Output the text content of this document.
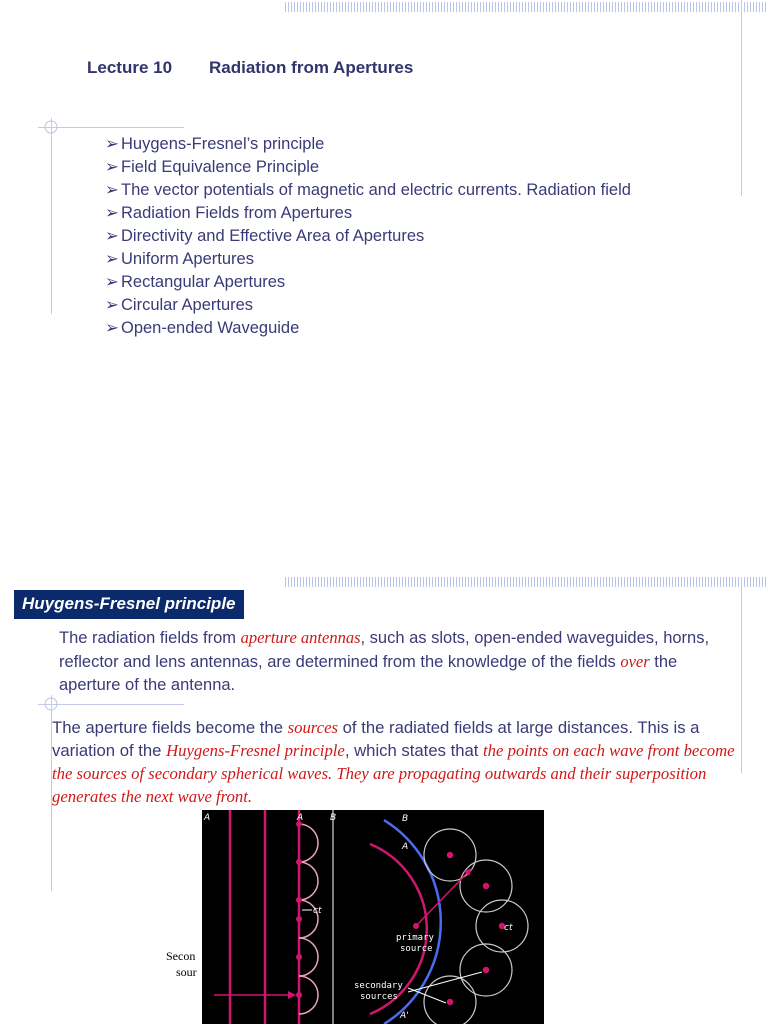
Lecture 10 Radiation from Apertures
➢ Huygens-Fresnel’s principle
➢ Field Equivalence Principle
➢ The vector potentials of magnetic and electric currents. Radiation field
➢ Radiation Fields from Apertures
➢ Directivity and Effective Area of Apertures
➢ Uniform Apertures
➢ Rectangular Apertures
➢ Circular Apertures
➢ Open-ended Waveguide
Huygens-Fresnel principle
The radiation fields from aperture antennas, such as slots, open-ended waveguides, horns, reflector and lens antennas, are determined from the knowledge of the fields over the aperture of the antenna.
The aperture fields become the sources of the radiated fields at large distances. This is a variation of the Huygens-Fresnel principle, which states that the points on each wave front become the sources of secondary spherical waves. They are propagating outwards and their superposition generates the next wave front.
Secon
sour
ct
A	A	B	B
A
A'
ct
primary
source
secondary
sources
